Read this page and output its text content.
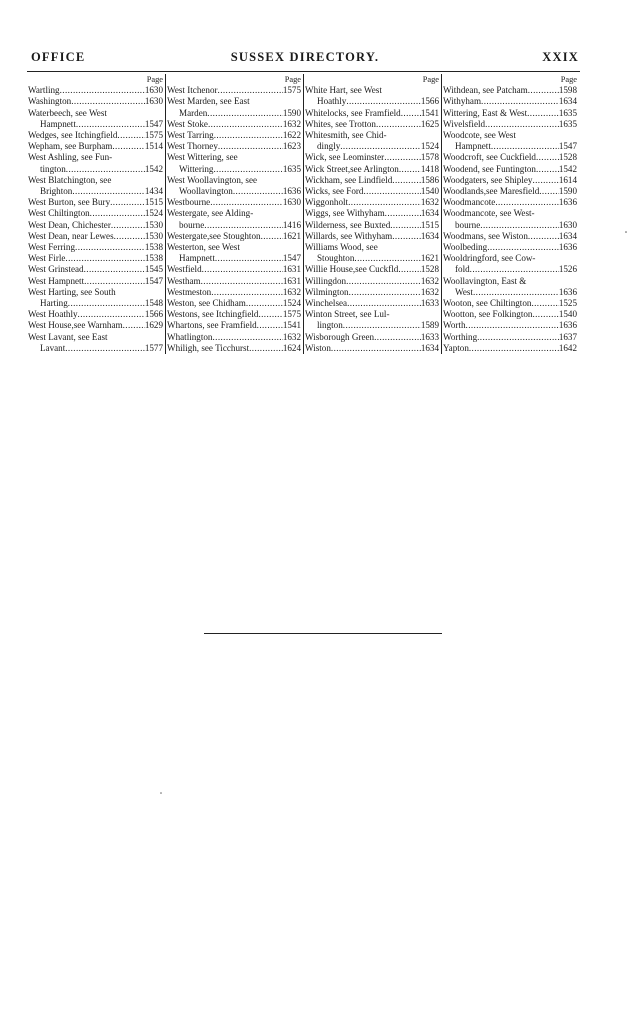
OFFICE	SUSSEX DIRECTORY.	XXIX
Page
Wartling .....	1630
Washington .....	1630
Waterbeech, see West
Hampnett .....	1547
Wedges, see Itchingfield .....	1575
Wepham, see Burpham .....	1514
West Ashling, see Fun-
tington .....	1542
West Blatchington, see
Brighton .....	1434
West Burton, see Bury .....	1515
West Chiltington .....	1524
West Dean, Chichester .....	1530
West Dean, near Lewes .....	1530
West Ferring .....	1538
West Firle .....	1538
West Grinstead .....	1545
West Hampnett .....	1547
West Harting, see South
Harting .....	1548
West Hoathly .....	1566
West House,see Warnham ..... 1629
West Lavant, see East
Lavant .....	1577
Page
West Itchenor .....	1575
West Marden, see East
Marden .....	1590
West Stoke .....	1632
West Tarring .....	1622
West Thorney .....	1623
West Wittering, see
Wittering .....	1635
West Woollavington, see
Woollavington .....	1636
Westbourne .....	1630
Westergate, see Alding-
bourne .....	1416
Westergate,see Stoughton ..... 1621
Westerton, see West
Hampnett .....	1547
Westfield .....	1631
Westham .....	1631
Westmeston .....	1632
Weston, see Chidham .....	1524
Westons, see Itchingfield .....	1575
Whartons, see Framfield .....	1541
Whatlington .....	1632
Whiligh, see Ticchurst .....	1624
Page
White Hart, see West
Hoathly .....	1566
Whitelocks, see Framfield ..... 1541
Whites, see Trotton .....	1625
Whitesmith, see Chid-
dingly .....	1524
Wick, see Leominster .....	1578
Wick Street,see Arlington ..... 1418
Wickham, see Lindfield .....	1586
Wicks, see Ford .....	1540
Wiggonholt .....	1632
Wiggs, see Withyham .....	1634
Wilderness, see Buxted .....	1515
Willards, see Withyham .....	1634
Williams Wood, see
Stoughton .....	1621
Willie House,see Cuckfld ..... 1528
Willingdon .....	1632
Wilmington .....	1632
Winchelsea .....	1633
Winton Street, see Lul-
lington .....	1589
Wisborough Green .....	1633
Wiston .....	1634
Page
Withdean, see Patcham .....	1598
Withyham .....	1634
Wittering, East & West .....	1635
Wivelsfield .....	1635
Woodcote, see West
Hampnett .....	1547
Woodcroft, see Cuckfield .....	1528
Woodend, see Funtington .....	1542
Woodgaters, see Shipley .....	1614
Woodlands,see Maresfield ..... 1590
Woodmancote .....	1636
Woodmancote, see West-
bourne .....	1630
Woodmans, see Wiston .....	1634
Woolbeding .....	1636
Wooldringford, see Cow-
fold .....	1526
Woollavington, East &
West .....	1636
Wooton, see Chiltington .....	1525
Wootton, see Folkington .....	1540
Worth .....	1636
Worthing .....	1637
Yapton .....	1642
